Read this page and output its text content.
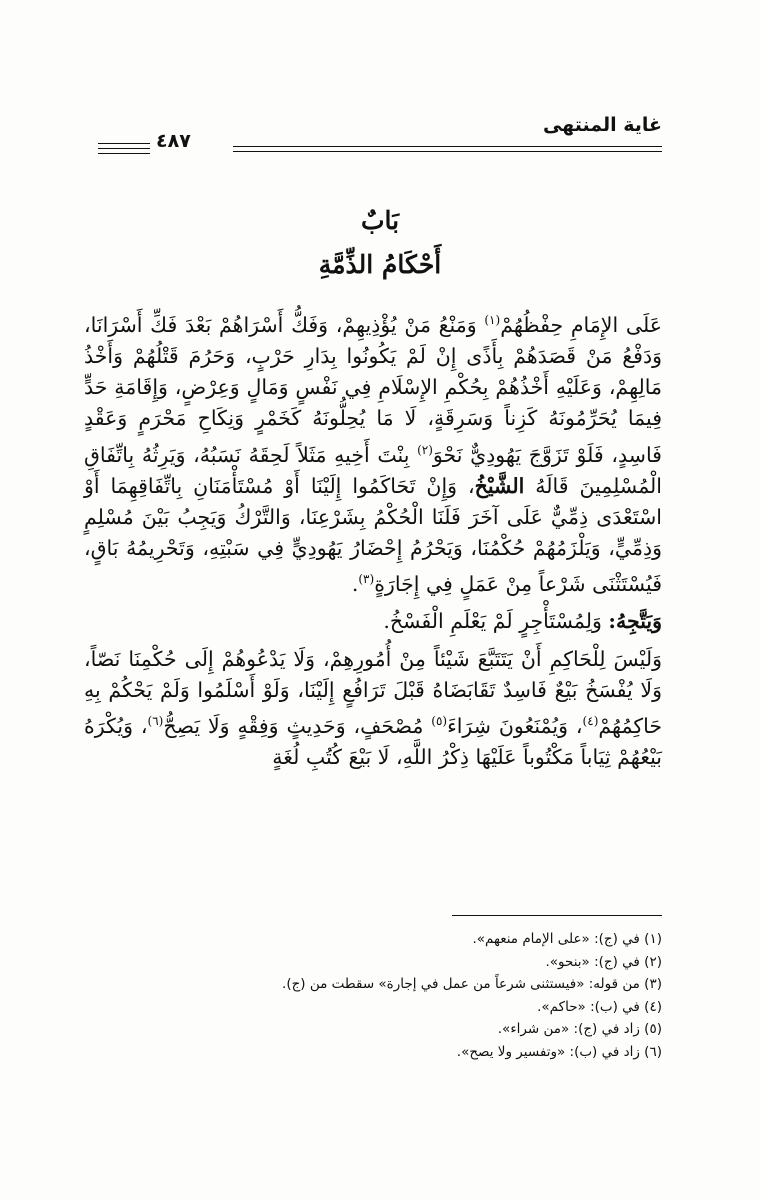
غاية المنتهى
٤٨٧
بَابٌ
أَحْكَامُ الذِّمَّةِ

عَلَى الإِمَامِ حِفْظُهُمْ$^{(١)}$ وَمَنْعُ مَنْ يُؤْذِيهِمْ، وَفَكُّ أَسْرَاهُمْ بَعْدَ فَكِّ أَسْرَانَا، وَدَفْعُ مَنْ قَصَدَهُمْ بِأَذًى إِنْ لَمْ يَكُونُوا بِدَارِ حَرْبٍ، وَحَرُمَ قَتْلُهُمْ وَأَخْذُ مَالِهِمْ، وَعَلَيْهِ أَخْذُهُمْ بِحُكْمِ الإِسْلَامِ فِي نَفْسٍ وَمَالٍ وَعِرْضٍ، وَإِقَامَةِ حَدٍّ فِيمَا يُحَرِّمُونَهُ كَزِناً وَسَرِقَةٍ، لَا مَا يُحِلُّونَهُ كَخَمْرٍ وَنِكَاحِ مَحْرَمٍ وَعَقْدٍ فَاسِدٍ، فَلَوْ تَزَوَّجَ يَهُودِيٌّ نَحْوَ$^{(٢)}$ بِنْتَ أَخِيهِ مَثَلاً لَحِقَهُ نَسَبُهُ، وَيَرِثُهُ بِاتِّفَاقِ الْمُسْلِمِينَ قَالَهُ الشَّيْخُ، وَإِنْ تَحَاكَمُوا إِلَيْنَا أَوْ مُسْتَأْمَنَانِ بِاتِّفَاقِهِمَا أَوْ اسْتَعْدَى ذِمِّيٌّ عَلَى آخَرَ فَلَنَا الْحُكْمُ بِشَرْعِنَا، وَالتَّرْكُ وَيَجِبُ بَيْنَ مُسْلِمٍ وَذِمِّيٍّ، وَيَلْزَمُهُمْ حُكْمُنَا، وَيَحْرُمُ إِحْضَارُ يَهُودِيٍّ فِي سَبْتِهِ، وَتَحْرِيمُهُ بَاقٍ، فَيُسْتَثْنَى شَرْعاً مِنْ عَمَلٍ فِي إِجَارَةٍ$^{(٣)}$.

وَيَتَّجِهُ: وَلِمُسْتَأْجِرٍ لَمْ يَعْلَمِ الْفَسْخُ.

وَلَيْسَ لِلْحَاكِمِ أَنْ يَتَتَبَّعَ شَيْئاً مِنْ أُمُورِهِمْ، وَلَا يَدْعُوهُمْ إِلَى حُكْمِنَا نَصّاً، وَلَا يُفْسَخُ بَيْعٌ فَاسِدٌ تَقَابَضَاهُ قَبْلَ تَرَافُعٍ إِلَيْنَا، وَلَوْ أَسْلَمُوا وَلَمْ يَحْكُمْ بِهِ حَاكِمُهُمْ$^{(٤)}$، وَيُمْنَعُونَ شِرَاءَ$^{(٥)}$ مُصْحَفٍ، وَحَدِيثٍ وَفِقْهٍ وَلَا يَصِحُّ$^{(٦)}$، وَيُكْرَهُ بَيْعُهُمْ ثِيَاباً مَكْتُوباً عَلَيْهَا ذِكْرُ اللَّهِ، لَا بَيْعَ كُتُبِ لُغَةٍ

(١) في (ج): «على الإمام منعهم».
(٢) في (ج): «بنحو».
(٣) من قوله: «فيستثنى شرعاً من عمل في إجارة» سقطت من (ج).
(٤) في (ب): «حاكم».
(٥) زاد في (ج): «من شراء».
(٦) زاد في (ب): «وتفسير ولا يصح».
